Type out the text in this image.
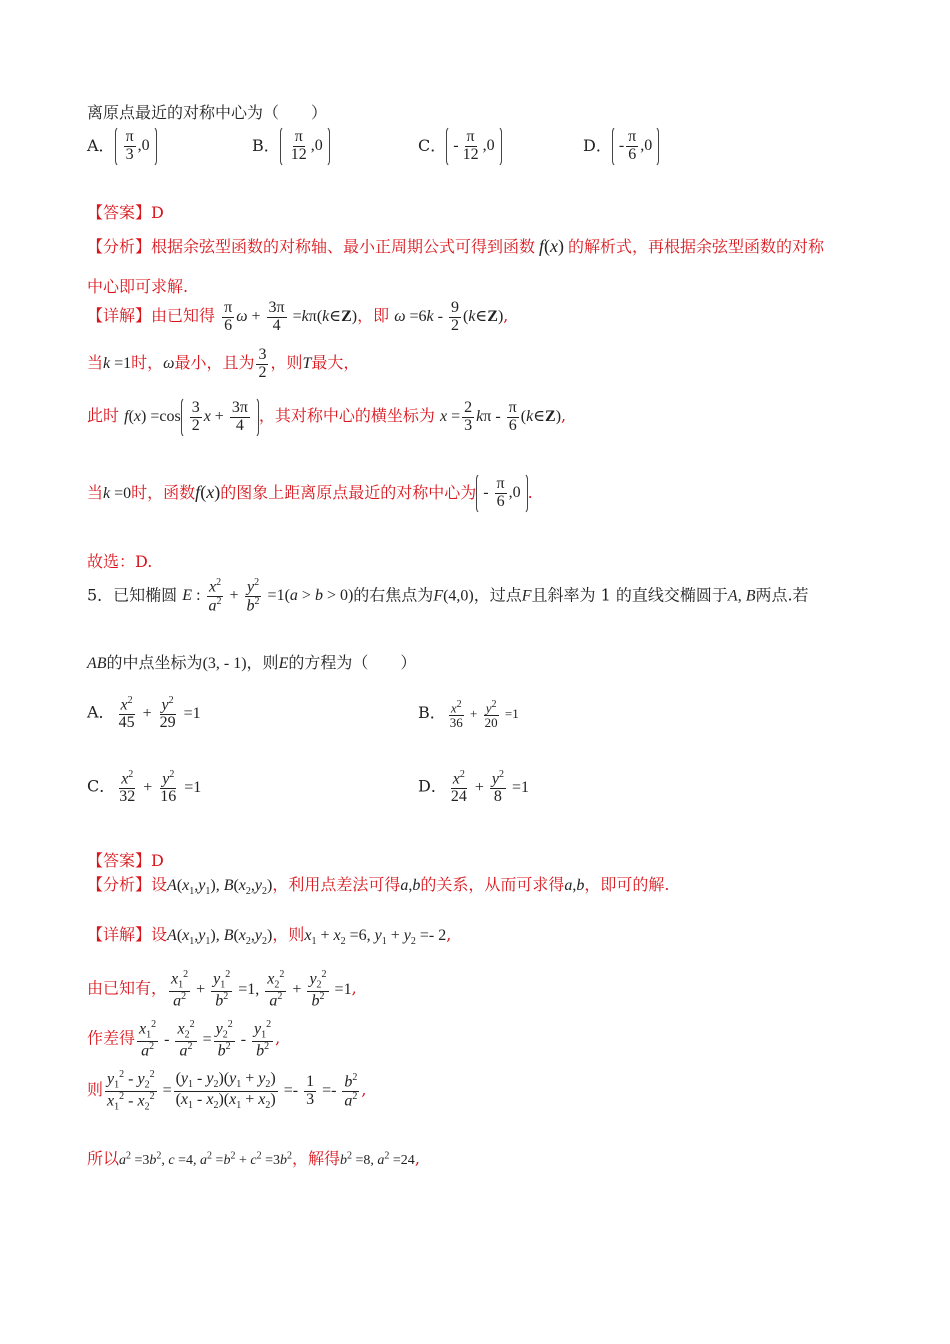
离原点最近的对称中心为（　　）
A． $\frac{\pi}{3} ,0$	B． $\frac{\pi}{12} ,0$	C． - $\frac{\pi}{12} ,0$	D． - $\frac{\pi}{6} ,0$
【答案】D
【分析】根据余弦型函数的对称轴、最小正周期公式可得到函数 f(x) 的解析式，再根据余弦型函数的对称
中心即可求解.
【详解】由已知得 $\frac{\pi}{6}$ $\omega + \frac{3\pi}{4}$ =kπ(k∈Z)，即 $\omega =6k - \frac{9}{2}$ (k∈Z),
当k =1时，ω最小，且为 $\frac{3}{2}$ ，则T最大，
此时 $f(x) =\cos \frac{3}{2}$ $x + \frac{3\pi}{4}$ ，其对称中心的横坐标为 $x = \frac{2}{3}$ kπ - $\frac{\pi}{6}$ (k∈Z),
当k =0时，函数f(x)的图象上距离原点最近的对称中心为 - $\frac{\pi}{6} ,0$ .
故选：D.
5．已知椭圆 E : $\frac{x^2}{a^2} + \frac{y^2}{b^2} =1(a > b > 0)$的右焦点为F(4,0)，过点F且斜率为 1 的直线交椭圆于A, B两点.若
AB的中点坐标为(3, - 1)，则E的方程为（　　）
A． $\frac{x^2}{45} + \frac{y^2}{29} =1$	B． $\frac{x^2}{36} + \frac{y^2}{20} =1$
C． $\frac{x^2}{32} + \frac{y^2}{16} =1$	D． $\frac{x^2}{24} + \frac{y^2}{8} =1$
【答案】D
【分析】设$A(x_1,y_1)$, $B(x_2,y_2)$，利用点差法可得a,b的关系，从而可求得a,b，即可的解.
【详解】设$A(x_1,y_1)$, $B(x_2,y_2)$，则$x_1 + x_2 =6$, $y_1 + y_2 =- 2$,
由已知有， $\frac{x_1^2}{a^2} + \frac{y_1^2}{b^2} =1$, $\frac{x_2^2}{a^2} + \frac{y_2^2}{b^2} =1$,
作差得 $\frac{x_1^2}{a^2} - \frac{x_2^2}{a^2} = \frac{y_2^2}{b^2} - \frac{y_1^2}{b^2}$ ,
则 $\frac{y_1^2 - y_2^2}{x_1^2 - x_2^2} = \frac{(y_1 - y_2)(y_1 + y_2)}{(x_1 - x_2)(x_1 + x_2)} =- \frac{1}{3} =- \frac{b^2}{a^2}$ ,
所以$a^2 =3b^2$, c =4, $a^2 =b^2 + c^2 =3b^2$，解得$b^2 =8$, $a^2 =24$,
